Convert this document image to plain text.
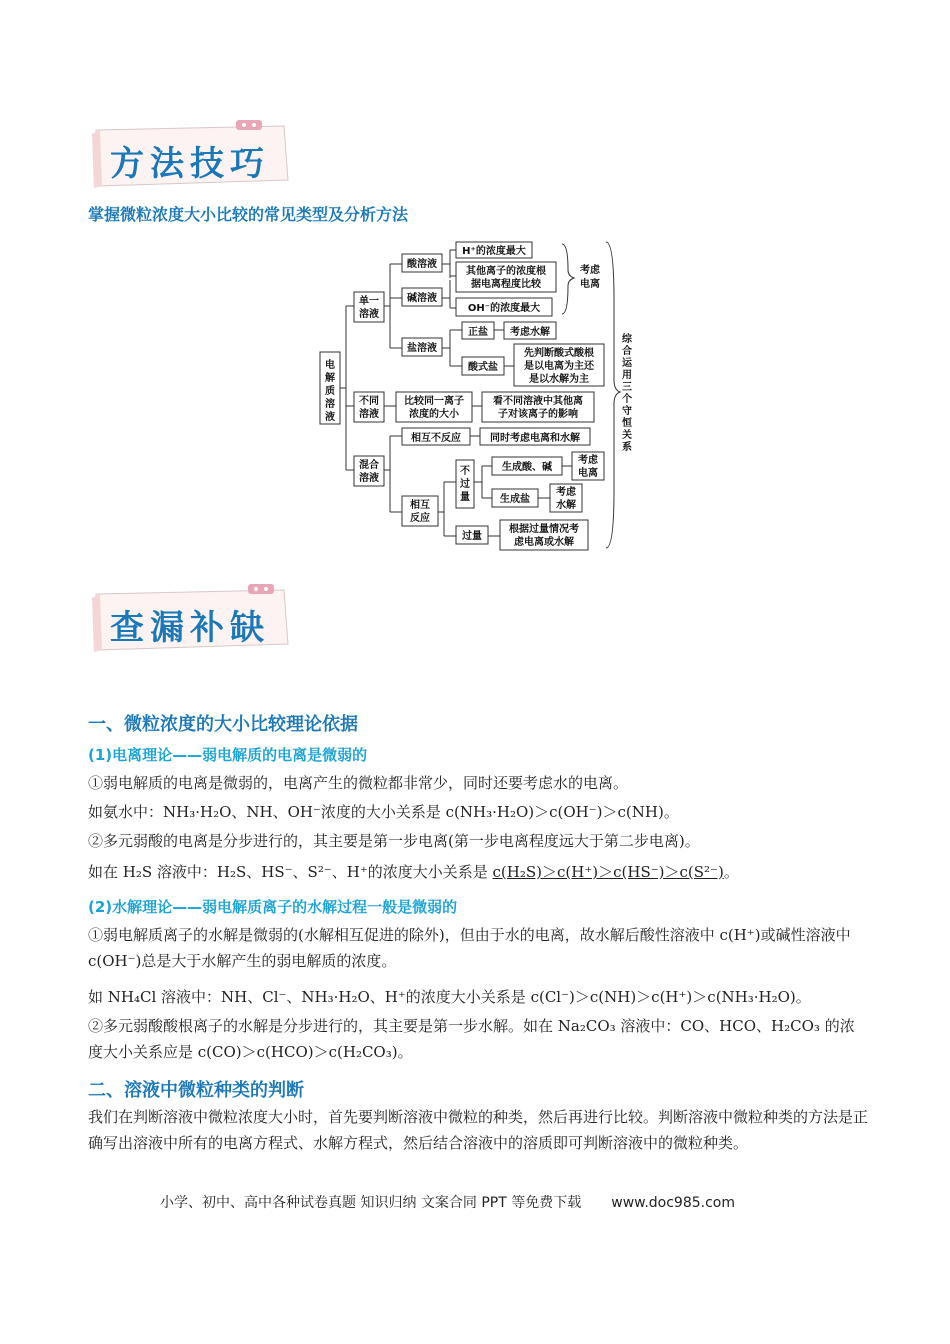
方法技巧
掌握微粒浓度大小比较的常见类型及分析方法
电
解
质
溶
液
单一
溶液
酸溶液
碱溶液
盐溶液
H⁺的浓度最大
其他离子的浓度根
据电离程度比较
OH⁻的浓度最大
考虑
电离
正盐 考虑水解
酸式盐
先判断酸式酸根
是以电离为主还
是以水解为主
不同
溶液
比较同一离子
浓度的大小
看不同溶液中其他离
子对该离子的影响
混合
溶液
相互不反应	同时考虑电离和水解
相互
反应
不
过
量
生成酸、碱
考虑
电离
生成盐
考虑
水解
过量
根据过量情况考
虑电离或水解
综
合
运
用
三
个
守
恒
关
系
查漏补缺
一、微粒浓度的大小比较理论依据
(1)电离理论——弱电解质的电离是微弱的
①弱电解质的电离是微弱的，电离产生的微粒都非常少，同时还要考虑水的电离。
如氨水中：NH₃·H₂O、NH、OH⁻浓度的大小关系是 c(NH₃·H₂O)＞c(OH⁻)＞c(NH)。
②多元弱酸的电离是分步进行的，其主要是第一步电离(第一步电离程度远大于第二步电离)。
如在 H₂S 溶液中：H₂S、HS⁻、S²⁻、H⁺的浓度大小关系是 c(H₂S)＞c(H⁺)＞c(HS⁻)＞c(S²⁻)。
(2)水解理论——弱电解质离子的水解过程一般是微弱的
①弱电解质离子的水解是微弱的(水解相互促进的除外)，但由于水的电离，故水解后酸性溶液中 c(H⁺)或碱性溶液中 c(OH⁻)总是大于水解产生的弱电解质的浓度。
如 NH₄Cl 溶液中：NH、Cl⁻、NH₃·H₂O、H⁺的浓度大小关系是 c(Cl⁻)＞c(NH)＞c(H⁺)＞c(NH₃·H₂O)。
②多元弱酸酸根离子的水解是分步进行的，其主要是第一步水解。如在 Na₂CO₃ 溶液中：CO、HCO、H₂CO₃ 的浓度大小关系应是 c(CO)＞c(HCO)＞c(H₂CO₃)。
二、溶液中微粒种类的判断
我们在判断溶液中微粒浓度大小时，首先要判断溶液中微粒的种类，然后再进行比较。判断溶液中微粒种类的方法是正确写出溶液中所有的电离方程式、水解方程式，然后结合溶液中的溶质即可判断溶液中的微粒种类。
小学、初中、高中各种试卷真题 知识归纳 文案合同 PPT 等免费下载 www.doc985.com
